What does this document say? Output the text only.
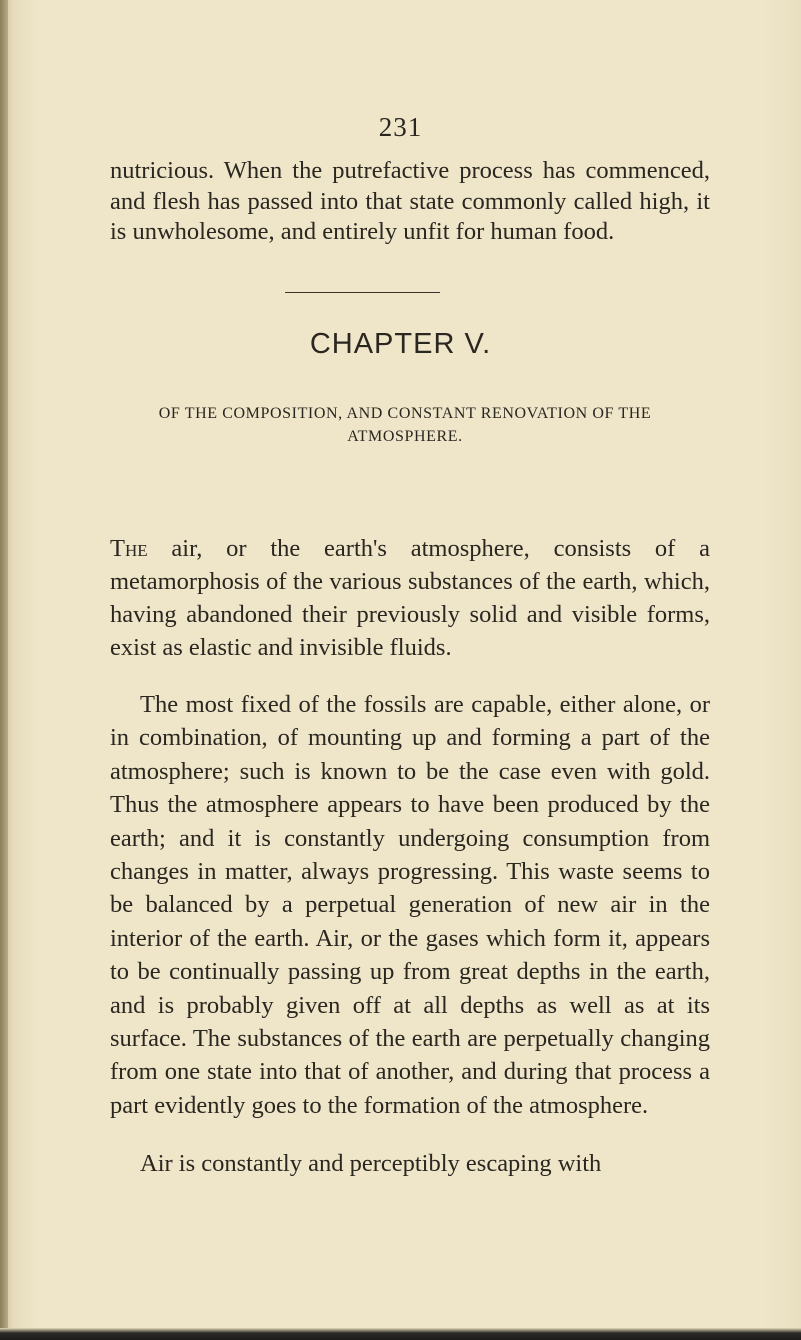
231

nutricious. When the putrefactive process has commenced, and flesh has passed into that state commonly called high, it is unwholesome, and entirely unfit for human food.

CHAPTER V.
OF THE COMPOSITION, AND CONSTANT RENOVATION OF THE ATMOSPHERE.

The air, or the earth's atmosphere, consists of a metamorphosis of the various substances of the earth, which, having abandoned their previously solid and visible forms, exist as elastic and invisible fluids.

The most fixed of the fossils are capable, either alone, or in combination, of mounting up and forming a part of the atmosphere; such is known to be the case even with gold. Thus the atmosphere appears to have been produced by the earth; and it is constantly undergoing consumption from changes in matter, always progressing. This waste seems to be balanced by a perpetual generation of new air in the interior of the earth. Air, or the gases which form it, appears to be continually passing up from great depths in the earth, and is probably given off at all depths as well as at its surface. The substances of the earth are perpetually changing from one state into that of another, and during that process a part evidently goes to the formation of the atmosphere.

Air is constantly and perceptibly escaping with
